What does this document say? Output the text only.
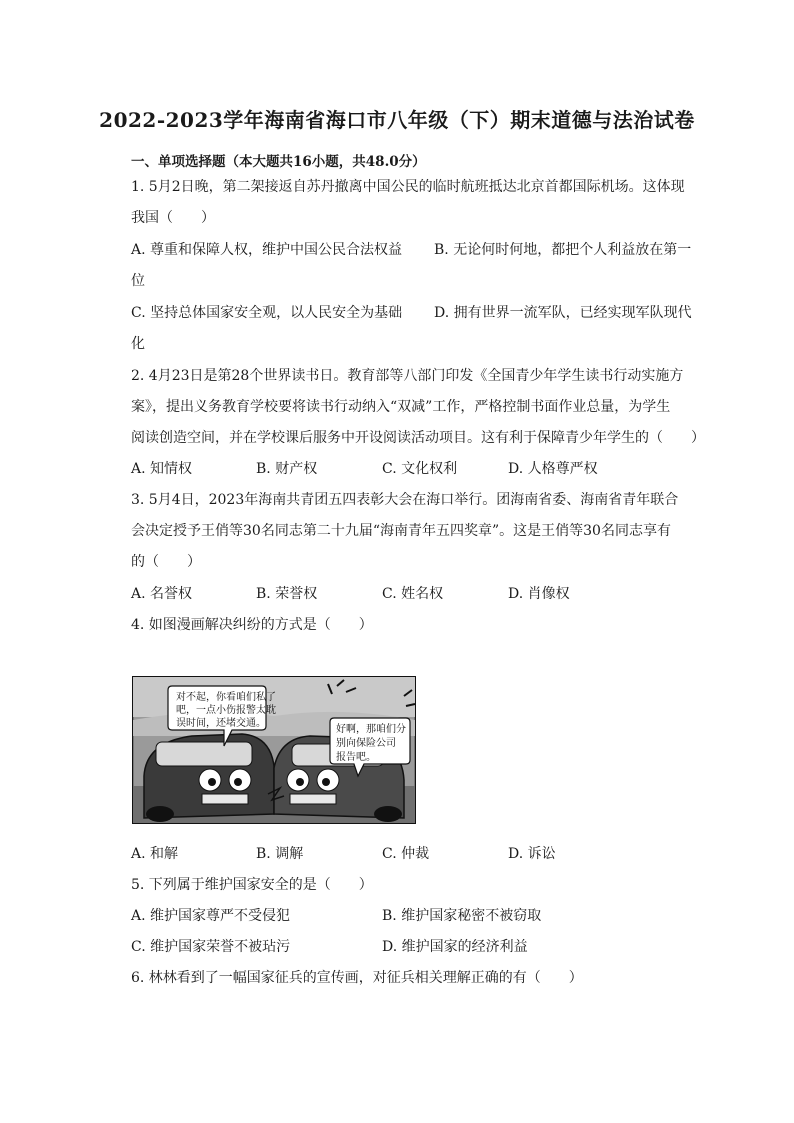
2022-2023学年海南省海口市八年级（下）期末道德与法治试卷
一、单项选择题（本大题共16小题，共48.0分）
1. 5月2日晚，第二架接返自苏丹撤离中国公民的临时航班抵达北京首都国际机场。这体现
我国（　　）
A. 尊重和保障人权，维护中国公民合法权益 B. 无论何时何地，都把个人利益放在第一
位
C. 坚持总体国家安全观，以人民安全为基础 D. 拥有世界一流军队，已经实现军队现代
化
2. 4月23日是第28个世界读书日。教育部等八部门印发《全国青少年学生读书行动实施方
案》，提出义务教育学校要将读书行动纳入“双减”工作，严格控制书面作业总量，为学生
阅读创造空间，并在学校课后服务中开设阅读活动项目。这有利于保障青少年学生的（　　）
A. 知情权	B. 财产权	C. 文化权利	D. 人格尊严权
3. 5月4日，2023年海南共青团五四表彰大会在海口举行。团海南省委、海南省青年联合
会决定授予王俏等30名同志第二十九届“海南青年五四奖章”。这是王俏等30名同志享有
的（　　）
A. 名誉权	B. 荣誉权	C. 姓名权	D. 肖像权
4. 如图漫画解决纠纷的方式是（　　）
对不起，你看咱们私了
吧，一点小伤报警太耽
误时间，还堵交通。
好啊，那咱们分
别向保险公司
报告吧。
A. 和解	B. 调解	C. 仲裁	D. 诉讼
5. 下列属于维护国家安全的是（　　）
A. 维护国家尊严不受侵犯	B. 维护国家秘密不被窃取
C. 维护国家荣誉不被玷污	D. 维护国家的经济利益
6. 林林看到了一幅国家征兵的宣传画，对征兵相关理解正确的有（　　）
